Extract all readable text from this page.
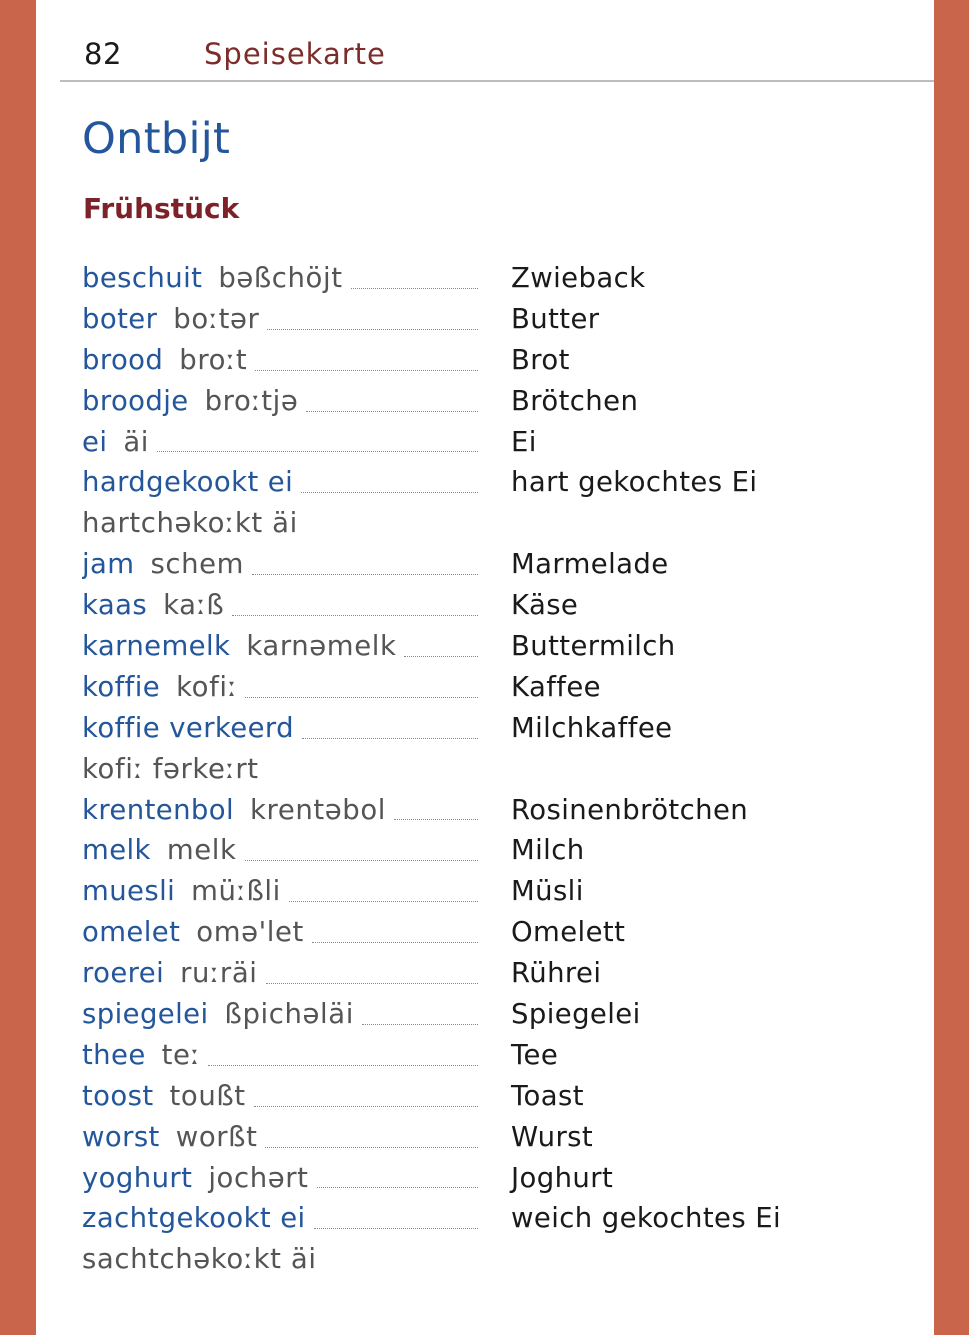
82	Speisekarte
Ontbijt
Frühstück
beschuit bəßchöjt	Zwieback
boter boːtər	Butter
brood broːt	Brot
broodje broːtjə	Brötchen
ei äi	Ei
hardgekookt ei	hart gekochtes Ei
hartchəkoːkt äi
jam schem	Marmelade
kaas kaːß	Käse
karnemelk karnəmelk	Buttermilch
koffie kofiː	Kaffee
koffie verkeerd	Milchkaffee
kofiː fərkeːrt
krentenbol krentəbol	Rosinenbrötchen
melk melk	Milch
muesli müːßli	Müsli
omelet omə'let	Omelett
roerei ruːräi	Rührei
spiegelei ßpichəläi	Spiegelei
thee teː	Tee
toost toußt	Toast
worst worßt	Wurst
yoghurt jochərt	Joghurt
zachtgekookt ei	weich gekochtes Ei
sachtchəkoːkt äi
